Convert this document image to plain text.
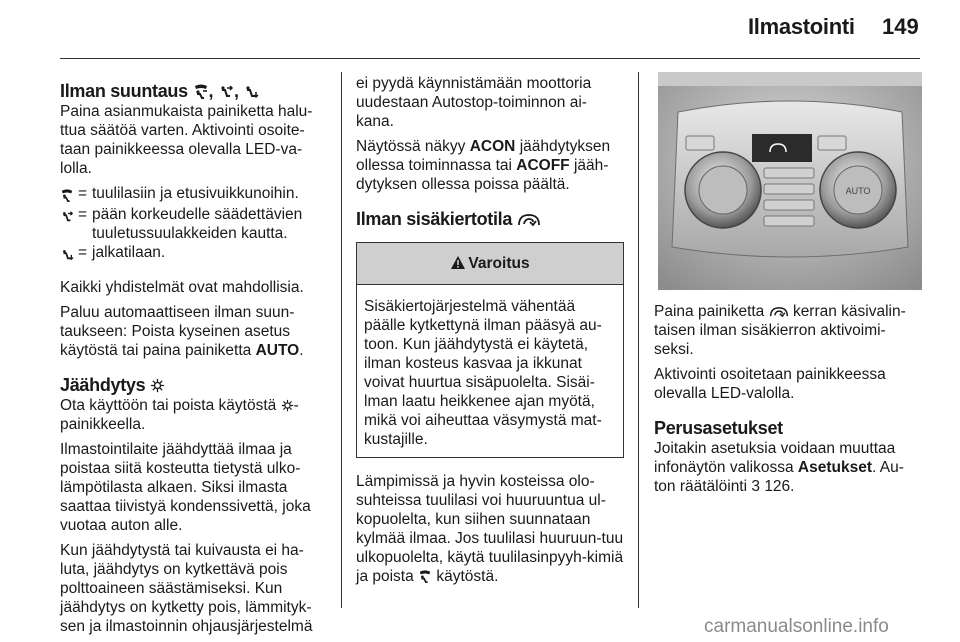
Ilmastointi 149
Ilman suuntaus , ,

Paina asianmukaista painiketta halu-ttua säätöä varten. Aktivointi osoite-taan painikkeessa olevalla LED-va-lolla.

= tuulilasiin ja etusivuikkunoihin.
= pään korkeudelle säädettävien tuuletussuulakkeiden kautta.
= jalkatilaan.

Kaikki yhdistelmät ovat mahdollisia.

Paluu automaattiseen ilman suun-taukseen: Poista kyseinen asetus käytöstä tai paina painiketta AUTO.

Jäähdytys

Ota käyttöön tai poista käytöstä -painikkeella.

Ilmastointilaite jäähdyttää ilmaa ja poistaa siitä kosteutta tietystä ulko-lämpötilasta alkaen. Siksi ilmasta saattaa tiivistyä kondenssivettä, joka vuotaa auton alle.

Kun jäähdytystä tai kuivausta ei ha-luta, jäähdytys on kytkettävä pois polttoaineen säästämiseksi. Kun jäähdytys on kytketty pois, lämmityk-sen ja ilmastoinnin ohjausjärjestelmä

ei pyydä käynnistämään moottoria uudestaan Autostop-toiminnon ai-kana.

Näytössä näkyy ACON jäähdytyksen ollessa toiminnassa tai ACOFF jääh-dytyksen ollessa poissa päältä.

Ilman sisäkiertotila
Varoitus
Sisäkiertojärjestelmä vähentää päälle kytkettynä ilman pääsyä au-toon. Kun jäähdytystä ei käytetä, ilman kosteus kasvaa ja ikkunat voivat huurtua sisäpuolelta. Sisäi-lman laatu heikkenee ajan myötä, mikä voi aiheuttaa väsymystä mat-kustajille.

Lämpimissä ja hyvin kosteissa olo-suhteissa tuulilasi voi huuruuntua ul-kopuolelta, kun siihen suunnataan kylmää ilmaa. Jos tuulilasi huuruun-tuu ulkopuolelta, käytä tuulilasinpyyh-kimiä ja poista käytöstä.

AUTO

Paina painiketta kerran käsivalin-taisen ilman sisäkierron aktivoimi-seksi.

Aktivointi osoitetaan painikkeessa olevalla LED-valolla.

Perusasetukset

Joitakin asetuksia voidaan muuttaa infonäytön valikossa Asetukset. Au-ton räätälöinti 3 126.

carmanualsonline.info
